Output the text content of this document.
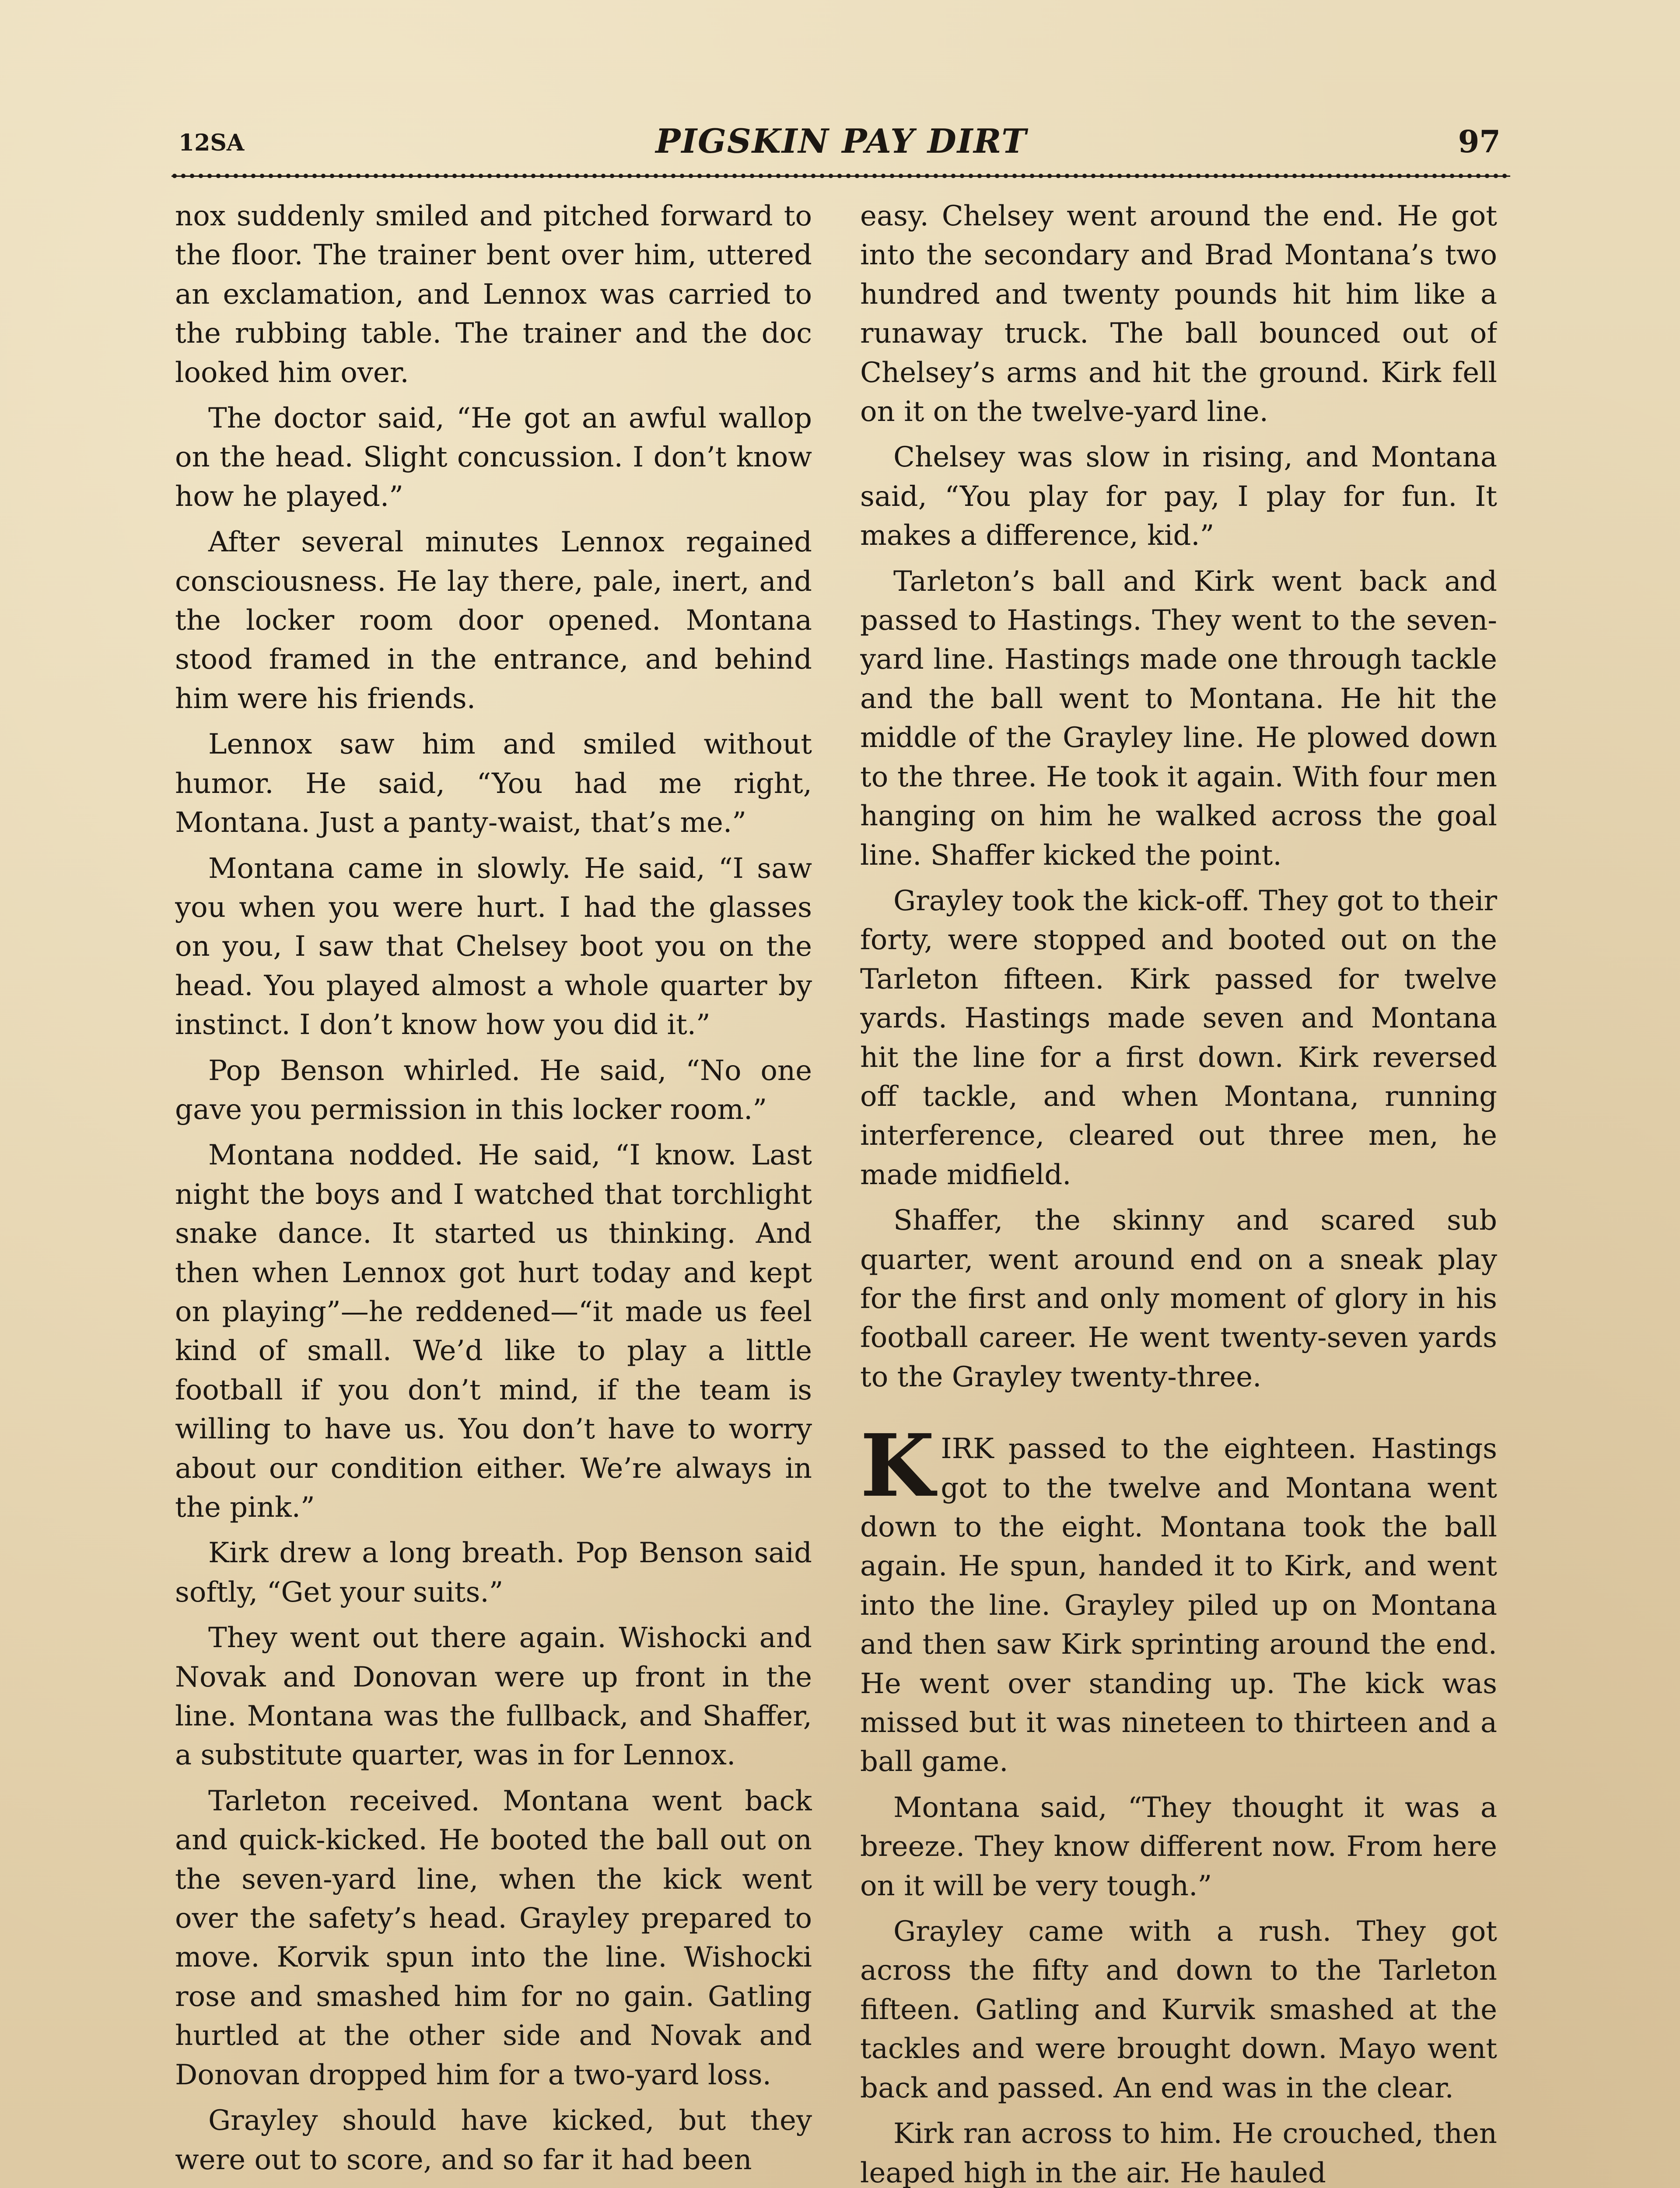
12SA	PIGSKIN PAY DIRT	97

nox suddenly smiled and pitched forward to the floor. The trainer bent over him, uttered an exclamation, and Lennox was carried to the rubbing table. The trainer and the doc looked him over.

The doctor said, “He got an awful wallop on the head. Slight concussion. I don’t know how he played.”

After several minutes Lennox regained consciousness. He lay there, pale, inert, and the locker room door opened. Montana stood framed in the entrance, and behind him were his friends.

Lennox saw him and smiled without humor. He said, “You had me right, Montana. Just a panty-waist, that’s me.”

Montana came in slowly. He said, “I saw you when you were hurt. I had the glasses on you, I saw that Chelsey boot you on the head. You played almost a whole quarter by instinct. I don’t know how you did it.”

Pop Benson whirled. He said, “No one gave you permission in this locker room.”

Montana nodded. He said, “I know. Last night the boys and I watched that torchlight snake dance. It started us thinking. And then when Lennox got hurt today and kept on playing”—he reddened—“it made us feel kind of small. We’d like to play a little football if you don’t mind, if the team is willing to have us. You don’t have to worry about our condition either. We’re always in the pink.”

Kirk drew a long breath. Pop Benson said softly, “Get your suits.”

They went out there again. Wishocki and Novak and Donovan were up front in the line. Montana was the fullback, and Shaffer, a substitute quarter, was in for Lennox.

Tarleton received. Montana went back and quick-kicked. He booted the ball out on the seven-yard line, when the kick went over the safety’s head. Grayley prepared to move. Korvik spun into the line. Wishocki rose and smashed him for no gain. Gatling hurtled at the other side and Novak and Donovan dropped him for a two-yard loss.

Grayley should have kicked, but they were out to score, and so far it had been

easy. Chelsey went around the end. He got into the secondary and Brad Montana’s two hundred and twenty pounds hit him like a runaway truck. The ball bounced out of Chelsey’s arms and hit the ground. Kirk fell on it on the twelve-yard line.

Chelsey was slow in rising, and Montana said, “You play for pay, I play for fun. It makes a difference, kid.”

Tarleton’s ball and Kirk went back and passed to Hastings. They went to the seven-yard line. Hastings made one through tackle and the ball went to Montana. He hit the middle of the Grayley line. He plowed down to the three. He took it again. With four men hanging on him he walked across the goal line. Shaffer kicked the point.

Grayley took the kick-off. They got to their forty, were stopped and booted out on the Tarleton fifteen. Kirk passed for twelve yards. Hastings made seven and Montana hit the line for a first down. Kirk reversed off tackle, and when Montana, running interference, cleared out three men, he made midfield.

Shaffer, the skinny and scared sub quarter, went around end on a sneak play for the first and only moment of glory in his football career. He went twenty-seven yards to the Grayley twenty-three.

KIRK passed to the eighteen. Hastings got to the twelve and Montana went down to the eight. Montana took the ball again. He spun, handed it to Kirk, and went into the line. Grayley piled up on Montana and then saw Kirk sprinting around the end. He went over standing up. The kick was missed but it was nineteen to thirteen and a ball game.

Montana said, “They thought it was a breeze. They know different now. From here on it will be very tough.”

Grayley came with a rush. They got across the fifty and down to the Tarleton fifteen. Gatling and Kurvik smashed at the tackles and were brought down. Mayo went back and passed. An end was in the clear.

Kirk ran across to him. He crouched, then leaped high in the air. He hauled
